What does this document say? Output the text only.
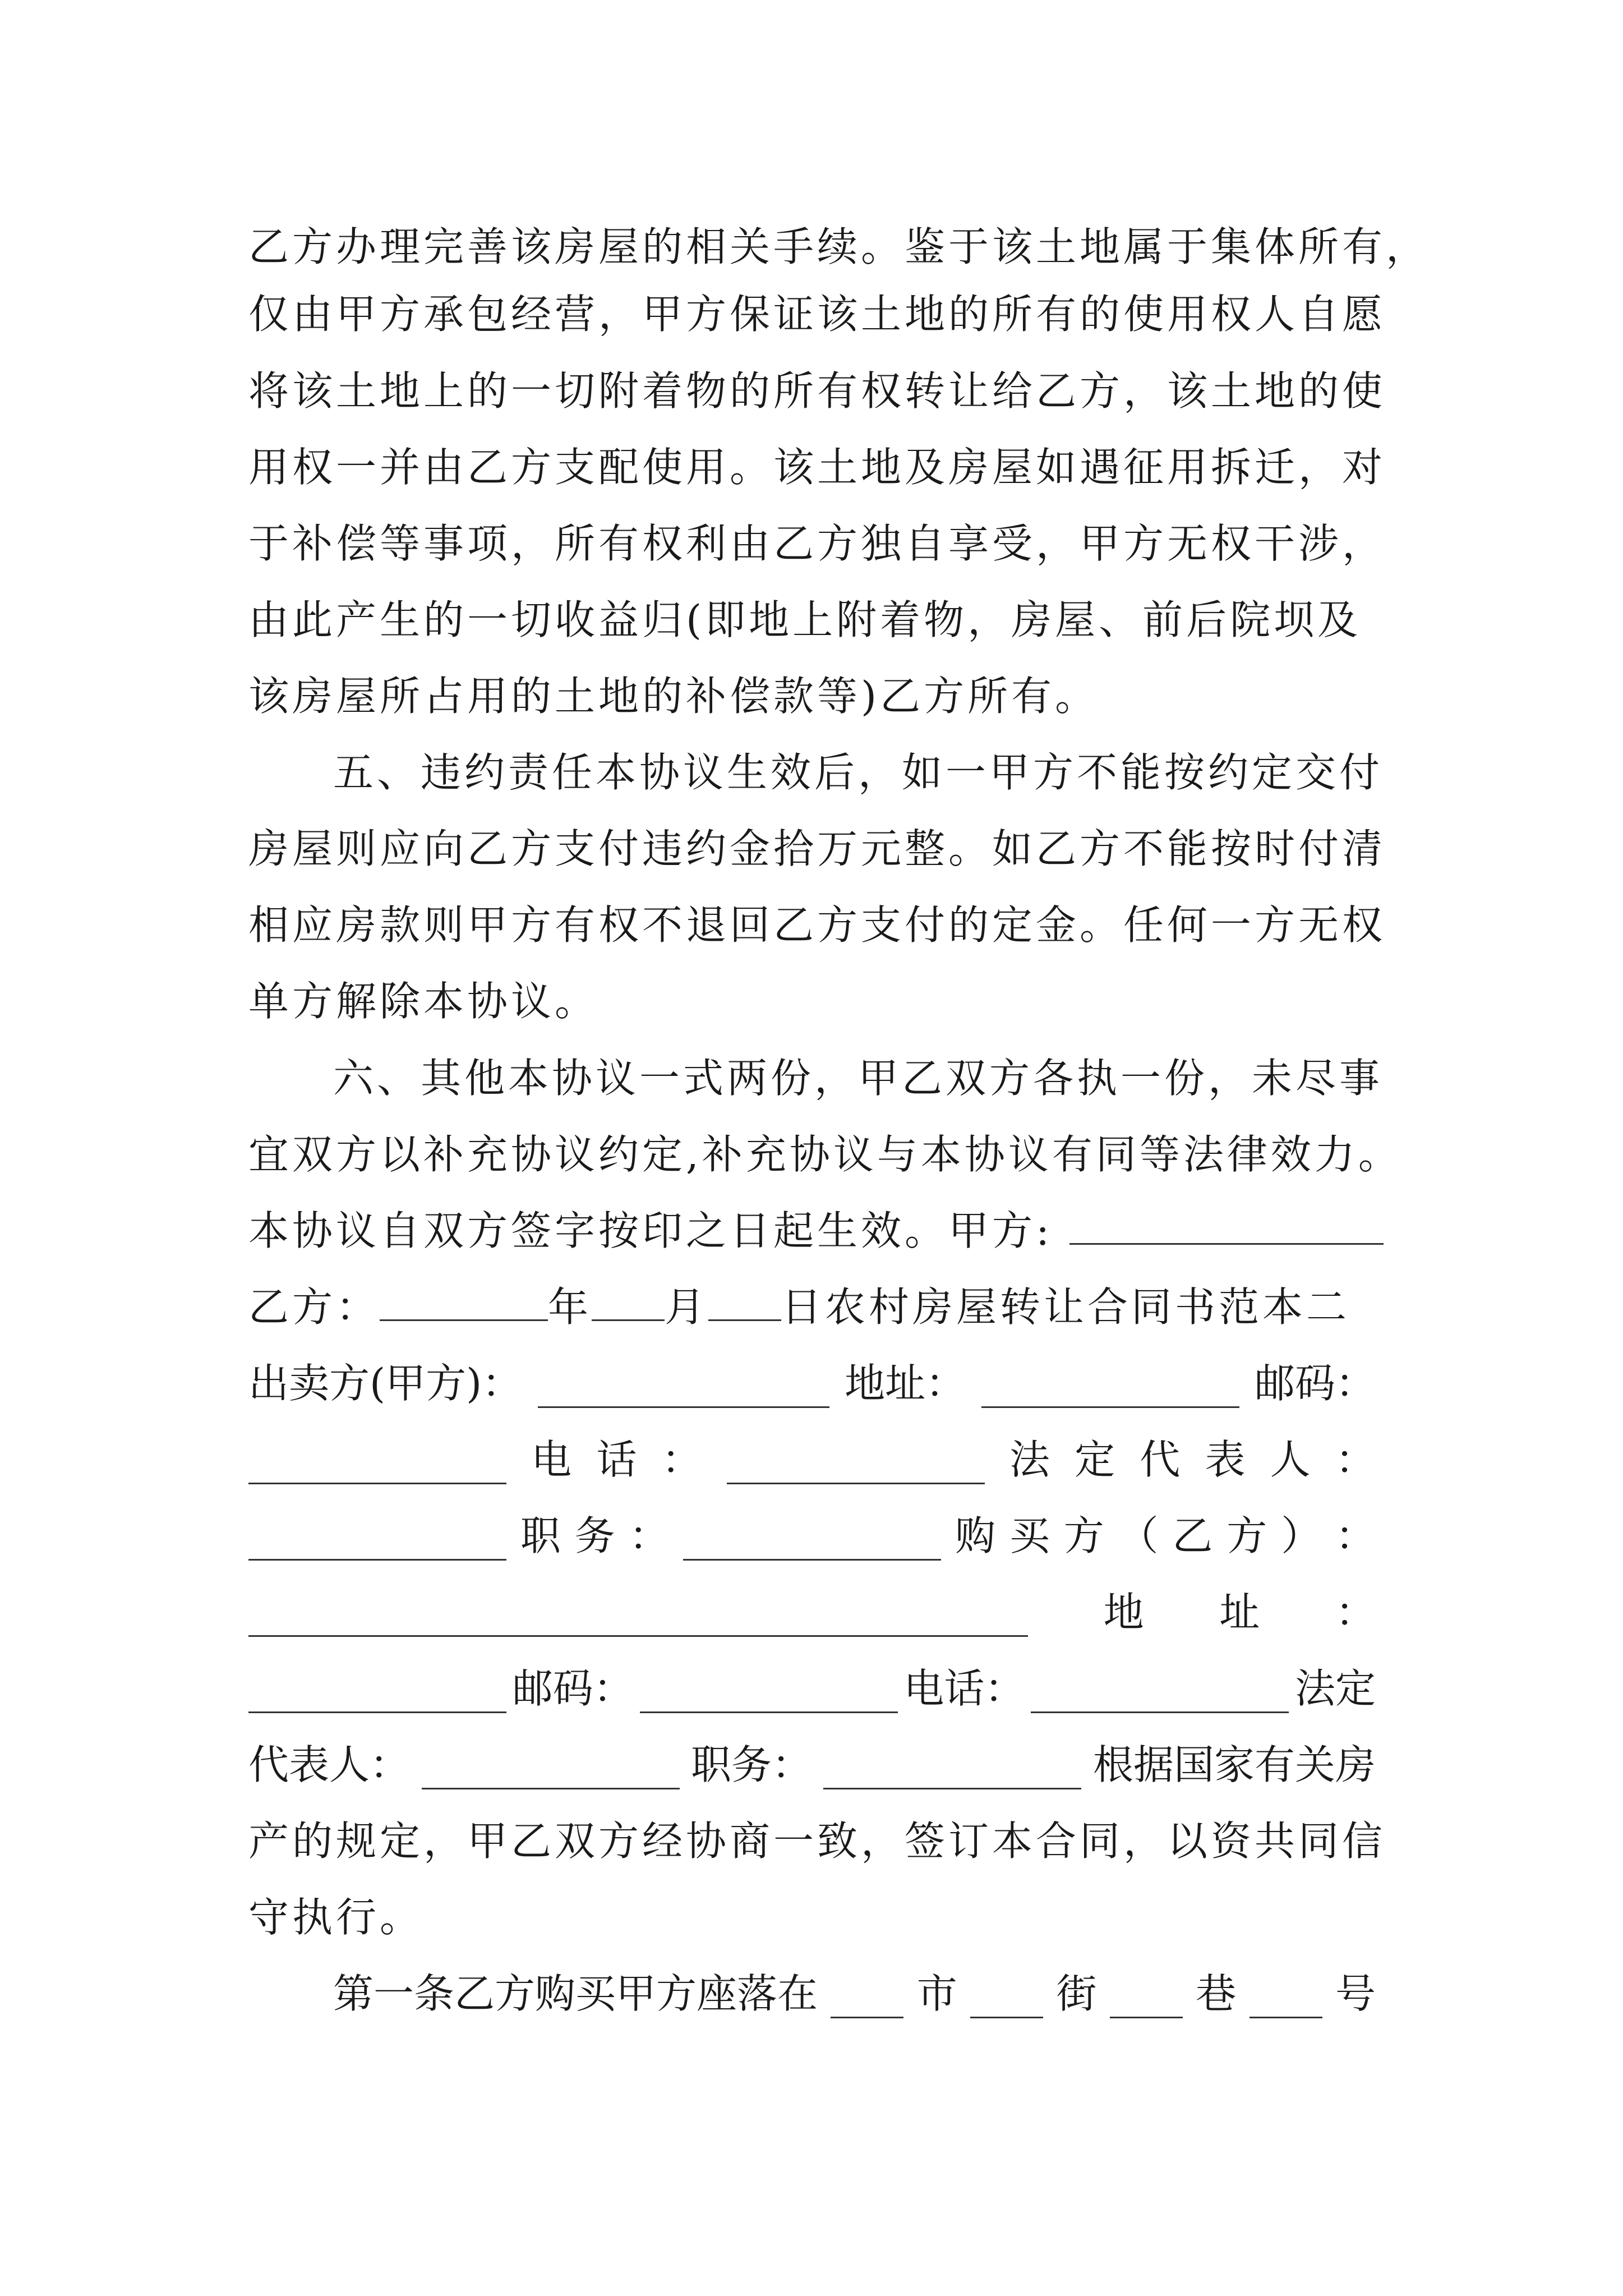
乙方办理完善该房屋的相关手续。鉴于该土地属于集体所有，
仅由甲方承包经营，甲方保证该土地的所有的使用权人自愿
将该土地上的一切附着物的所有权转让给乙方，该土地的使
用权一并由乙方支配使用。该土地及房屋如遇征用拆迁，对
于补偿等事项，所有权利由乙方独自享受，甲方无权干涉，
由此产生的一切收益归(即地上附着物，房屋、前后院坝及
该房屋所占用的土地的补偿款等)乙方所有。
五、违约责任本协议生效后，如一甲方不能按约定交付
房屋则应向乙方支付违约金拾万元整。如乙方不能按时付清
相应房款则甲方有权不退回乙方支付的定金。任何一方无权
单方解除本协议。
六、其他本协议一式两份，甲乙双方各执一份，未尽事
宜双方以补充协议约定,补充协议与本协议有同等法律效力。
本协议自双方签字按印之日起生效。甲方:
乙方：	年 月 日农村房屋转让合同书范本二
出卖方(甲方)：	地址：	邮码：
电 话 ：	法 定 代 表 人 ：
职 务 ：	购 买 方 （ 乙 方 ） ：
地 址 ：
邮码：	电话：	法定
代表人：	职务：	根据国家有关房
产的规定，甲乙双方经协商一致，签订本合同，以资共同信
守执行。
第一条乙方购买甲方座落在 市 街 巷 号
